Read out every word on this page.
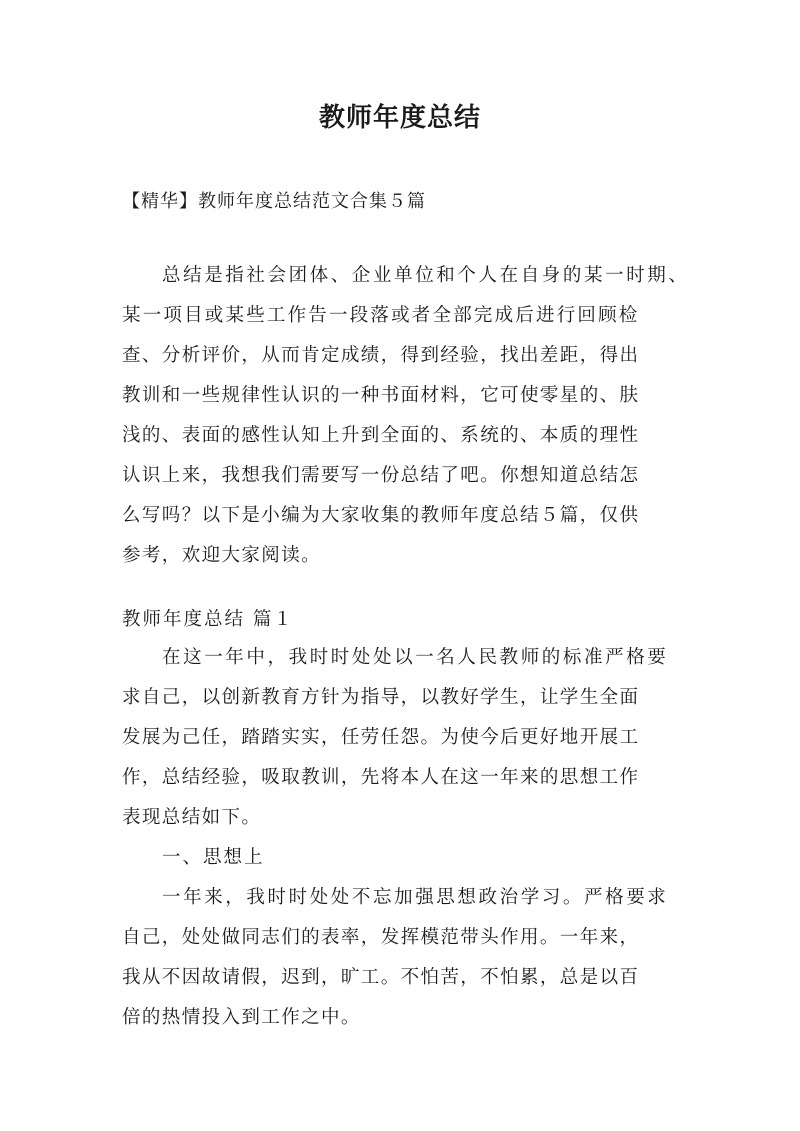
教师年度总结
【精华】教师年度总结范文合集５篇
总结是指社会团体、企业单位和个人在自身的某一时期、
某一项目或某些工作告一段落或者全部完成后进行回顾检
查、分析评价，从而肯定成绩，得到经验，找出差距，得出
教训和一些规律性认识的一种书面材料，它可使零星的、肤
浅的、表面的感性认知上升到全面的、系统的、本质的理性
认识上来，我想我们需要写一份总结了吧。你想知道总结怎
么写吗？以下是小编为大家收集的教师年度总结５篇，仅供
参考，欢迎大家阅读。
教师年度总结 篇１
在这一年中，我时时处处以一名人民教师的标准严格要
求自己，以创新教育方针为指导，以教好学生，让学生全面
发展为己任，踏踏实实，任劳任怨。为使今后更好地开展工
作，总结经验，吸取教训，先将本人在这一年来的思想工作
表现总结如下。
一、思想上
一年来，我时时处处不忘加强思想政治学习。严格要求
自己，处处做同志们的表率，发挥模范带头作用。一年来，
我从不因故请假，迟到，旷工。不怕苦，不怕累，总是以百
倍的热情投入到工作之中。
